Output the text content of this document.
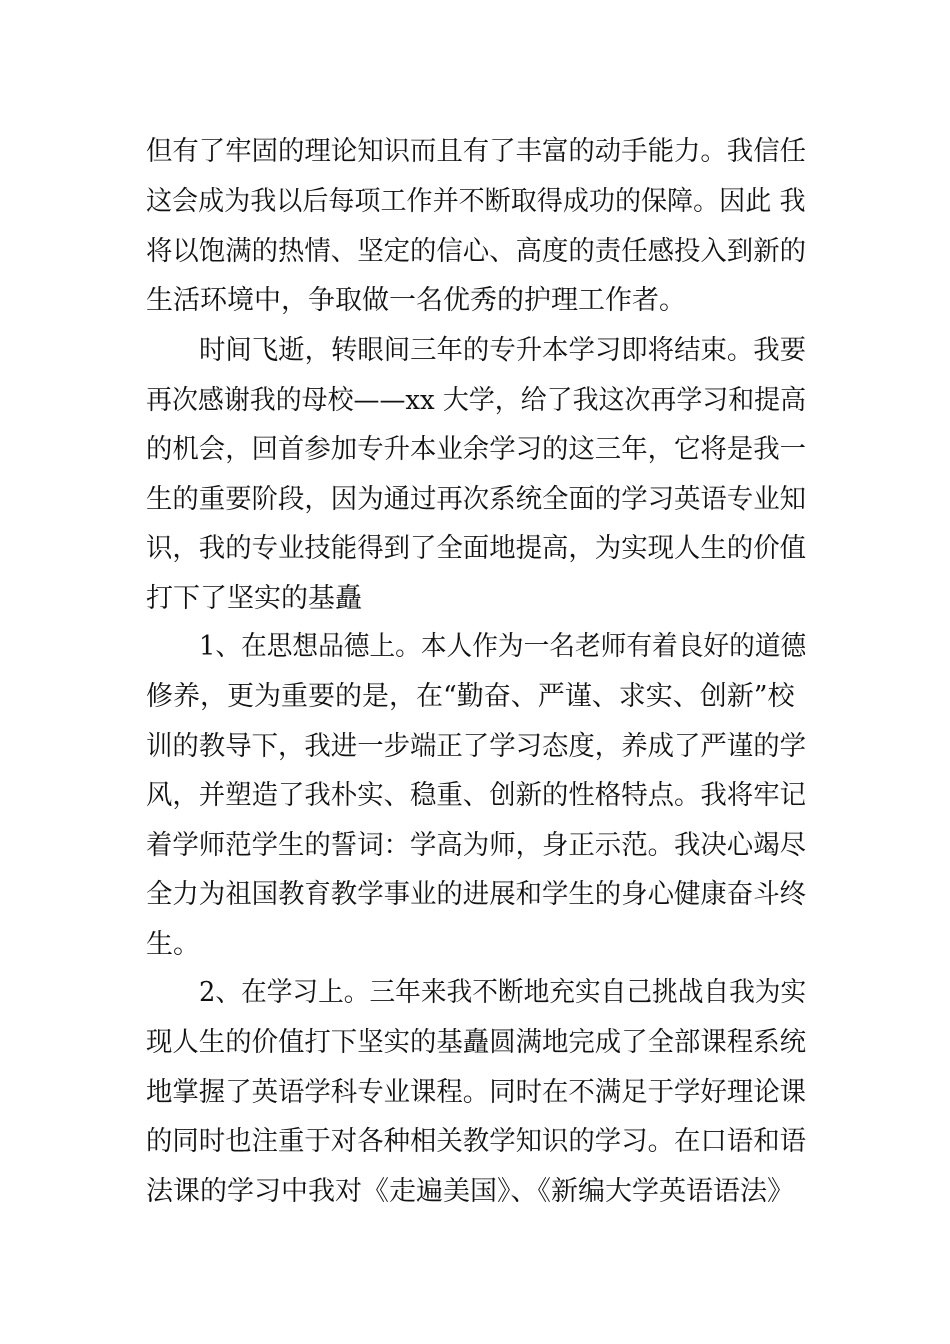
但有了牢固的理论知识而且有了丰富的动手能力。我信任
这会成为我以后每项工作并不断取得成功的保障。因此 我
将以饱满的热情、坚定的信心、高度的责任感投入到新的
生活环境中，争取做一名优秀的护理工作者。
时间飞逝，转眼间三年的专升本学习即将结束。我要
再次感谢我的母校——xx 大学，给了我这次再学习和提高
的机会，回首参加专升本业余学习的这三年，它将是我一
生的重要阶段，因为通过再次系统全面的学习英语专业知
识，我的专业技能得到了全面地提高，为实现人生的价值
打下了坚实的基矗
1、在思想品德上。本人作为一名老师有着良好的道德
修养，更为重要的是，在“勤奋、严谨、求实、创新”校
训的教导下，我进一步端正了学习态度，养成了严谨的学
风，并塑造了我朴实、稳重、创新的性格特点。我将牢记
着学师范学生的誓词：学高为师，身正示范。我决心竭尽
全力为祖国教育教学事业的进展和学生的身心健康奋斗终
生。
2、在学习上。三年来我不断地充实自己挑战自我为实
现人生的价值打下坚实的基矗圆满地完成了全部课程系统
地掌握了英语学科专业课程。同时在不满足于学好理论课
的同时也注重于对各种相关教学知识的学习。在口语和语
法课的学习中我对《走遍美国》、《新编大学英语语法》
